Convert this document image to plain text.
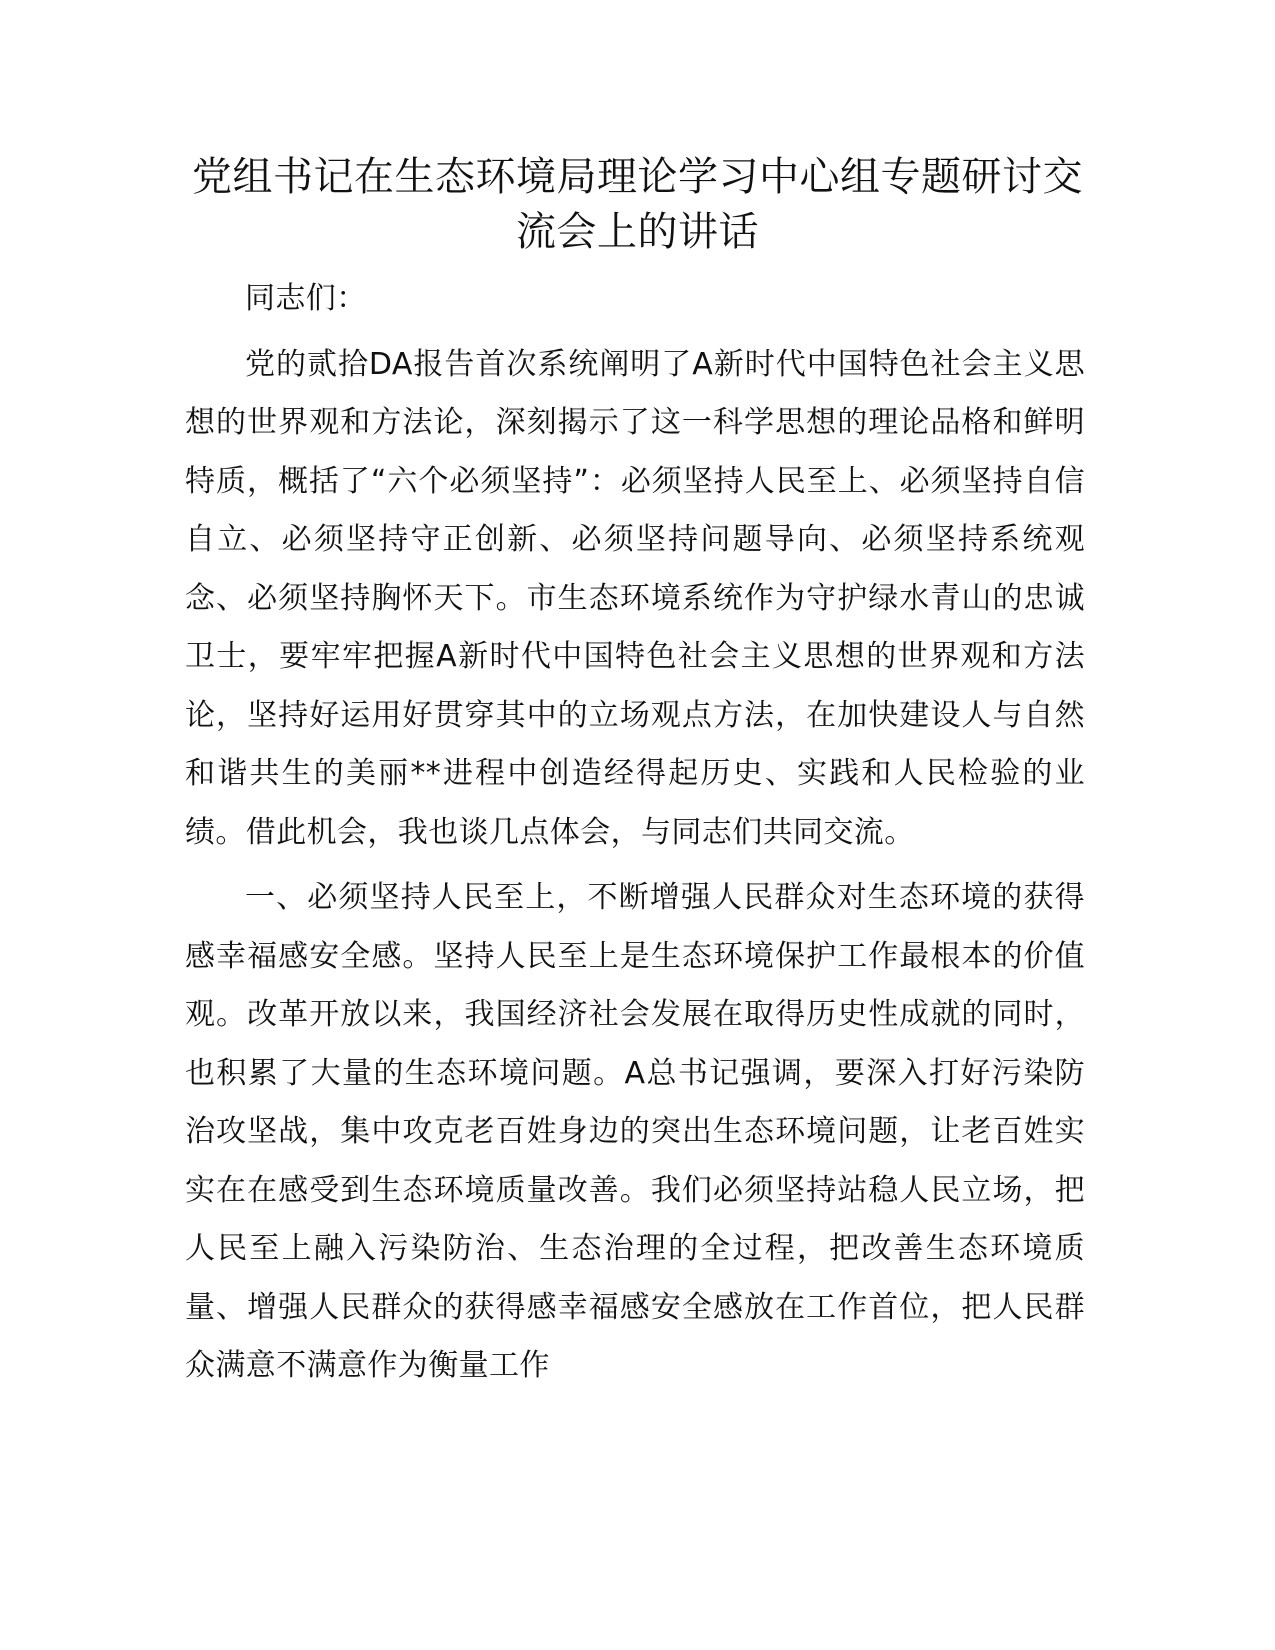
党组书记在生态环境局理论学习中心组专题研讨交流会上的讲话

同志们：

党的贰拾DA报告首次系统阐明了A新时代中国特色社会主义思想的世界观和方法论，深刻揭示了这一科学思想的理论品格和鲜明特质，概括了“六个必须坚持”：必须坚持人民至上、必须坚持自信自立、必须坚持守正创新、必须坚持问题导向、必须坚持系统观念、必须坚持胸怀天下。市生态环境系统作为守护绿水青山的忠诚卫士，要牢牢把握A新时代中国特色社会主义思想的世界观和方法论，坚持好运用好贯穿其中的立场观点方法，在加快建设人与自然和谐共生的美丽**进程中创造经得起历史、实践和人民检验的业绩。借此机会，我也谈几点体会，与同志们共同交流。

一、必须坚持人民至上，不断增强人民群众对生态环境的获得感幸福感安全感。坚持人民至上是生态环境保护工作最根本的价值观。改革开放以来，我国经济社会发展在取得历史性成就的同时，也积累了大量的生态环境问题。A总书记强调，要深入打好污染防治攻坚战，集中攻克老百姓身边的突出生态环境问题，让老百姓实实在在感受到生态环境质量改善。我们必须坚持站稳人民立场，把人民至上融入污染防治、生态治理的全过程，把改善生态环境质量、增强人民群众的获得感幸福感安全感放在工作首位，把人民群众满意不满意作为衡量工作
